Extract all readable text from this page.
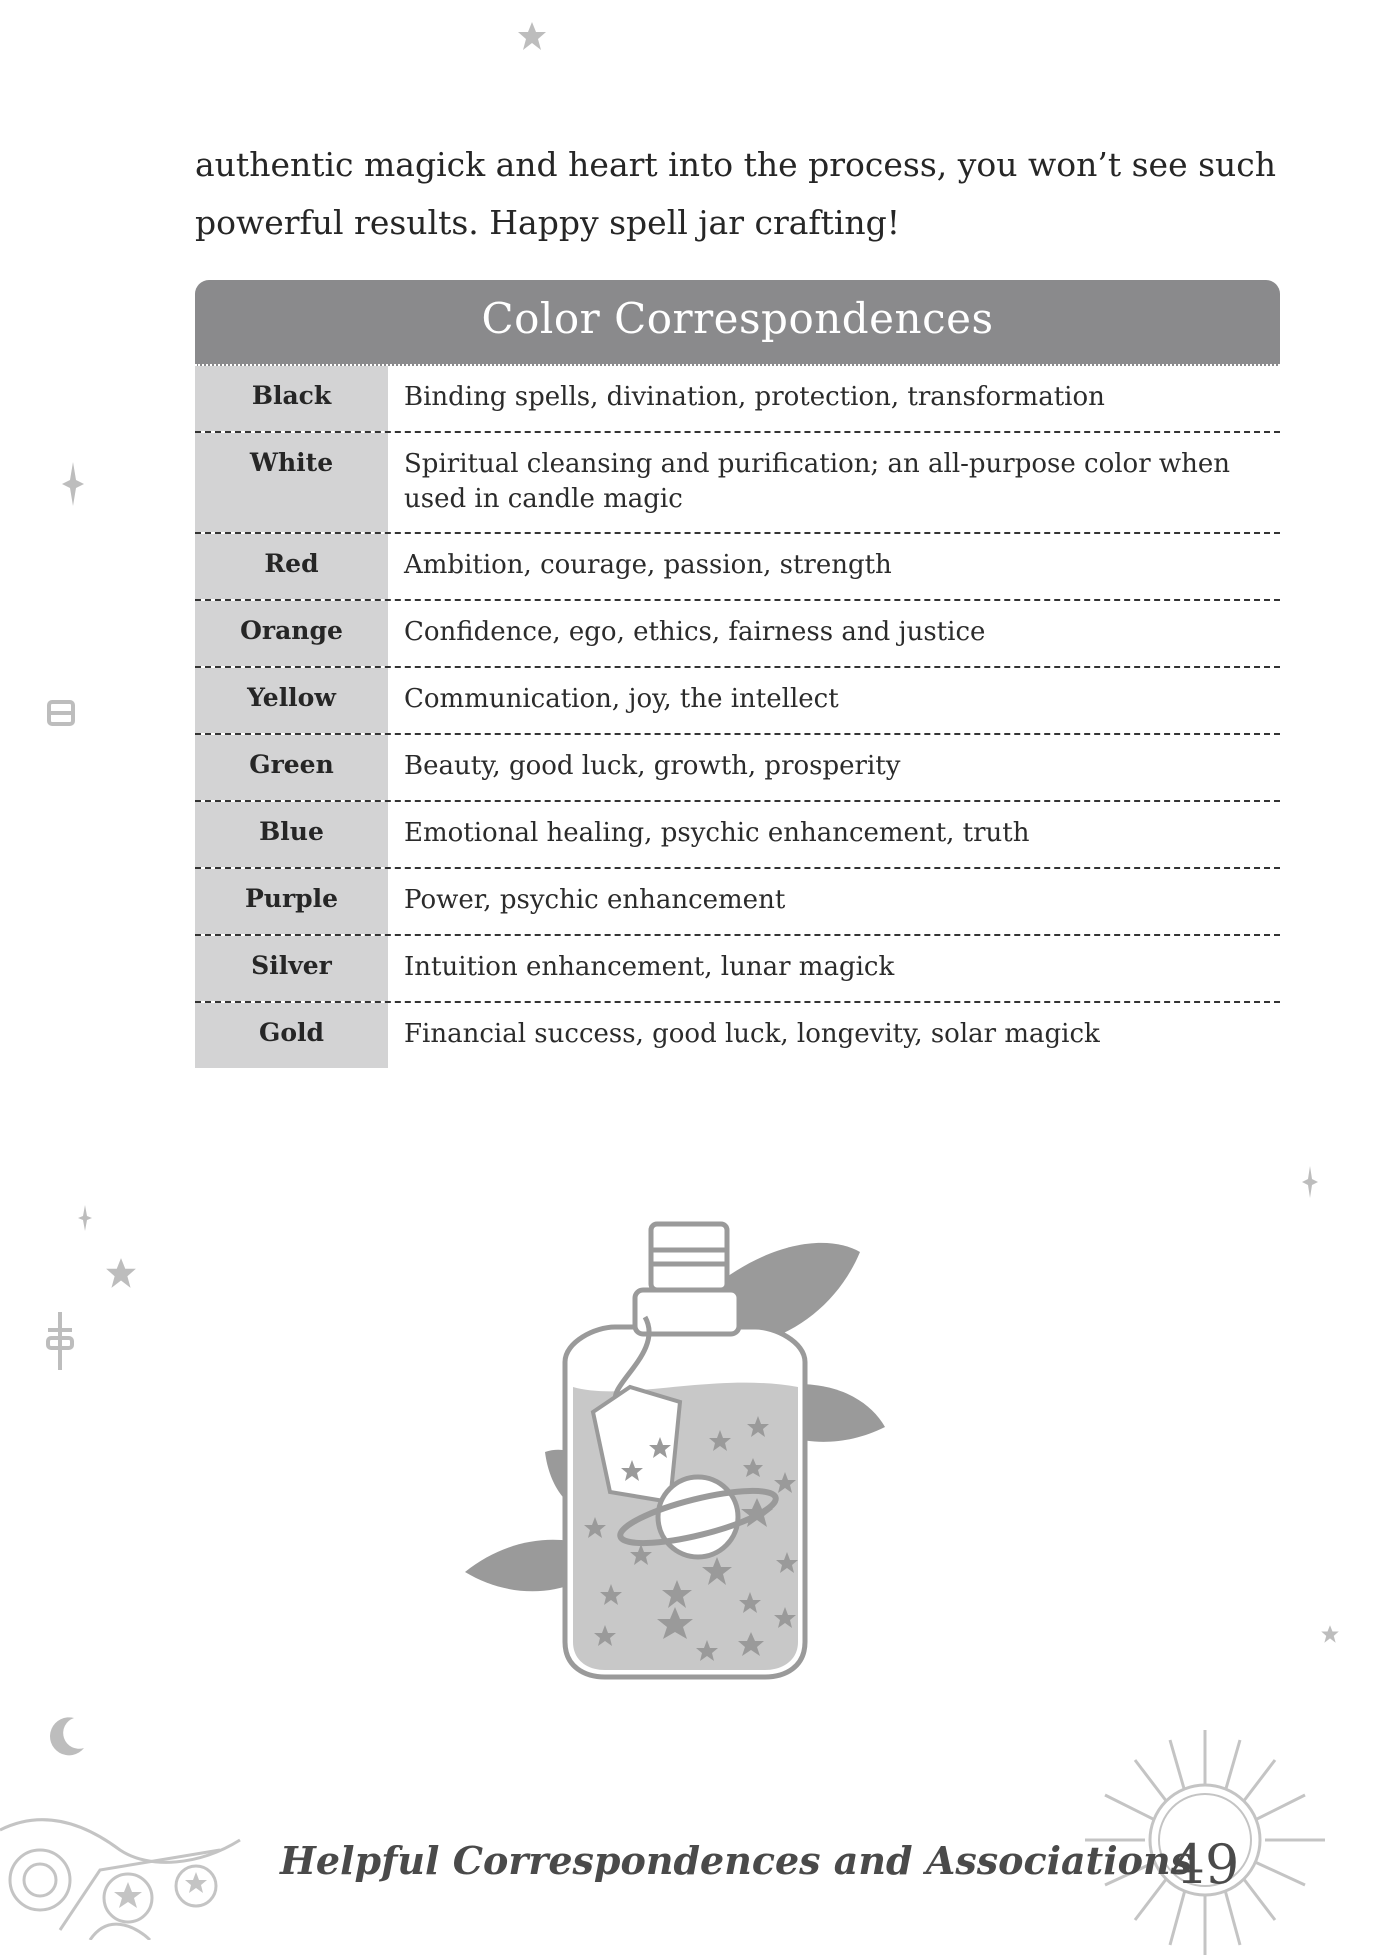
authentic magick and heart into the process, you won’t see such powerful results. Happy spell jar crafting!

Color Correspondences
Black	Binding spells, divination, protection, transformation
White	Spiritual cleansing and purification; an all-purpose color when used in candle magic
Red	Ambition, courage, passion, strength
Orange	Confidence, ego, ethics, fairness and justice
Yellow	Communication, joy, the intellect
Green	Beauty, good luck, growth, prosperity
Blue	Emotional healing, psychic enhancement, truth
Purple	Power, psychic enhancement
Silver	Intuition enhancement, lunar magick
Gold	Financial success, good luck, longevity, solar magick
Helpful Correspondences and Associations
49
